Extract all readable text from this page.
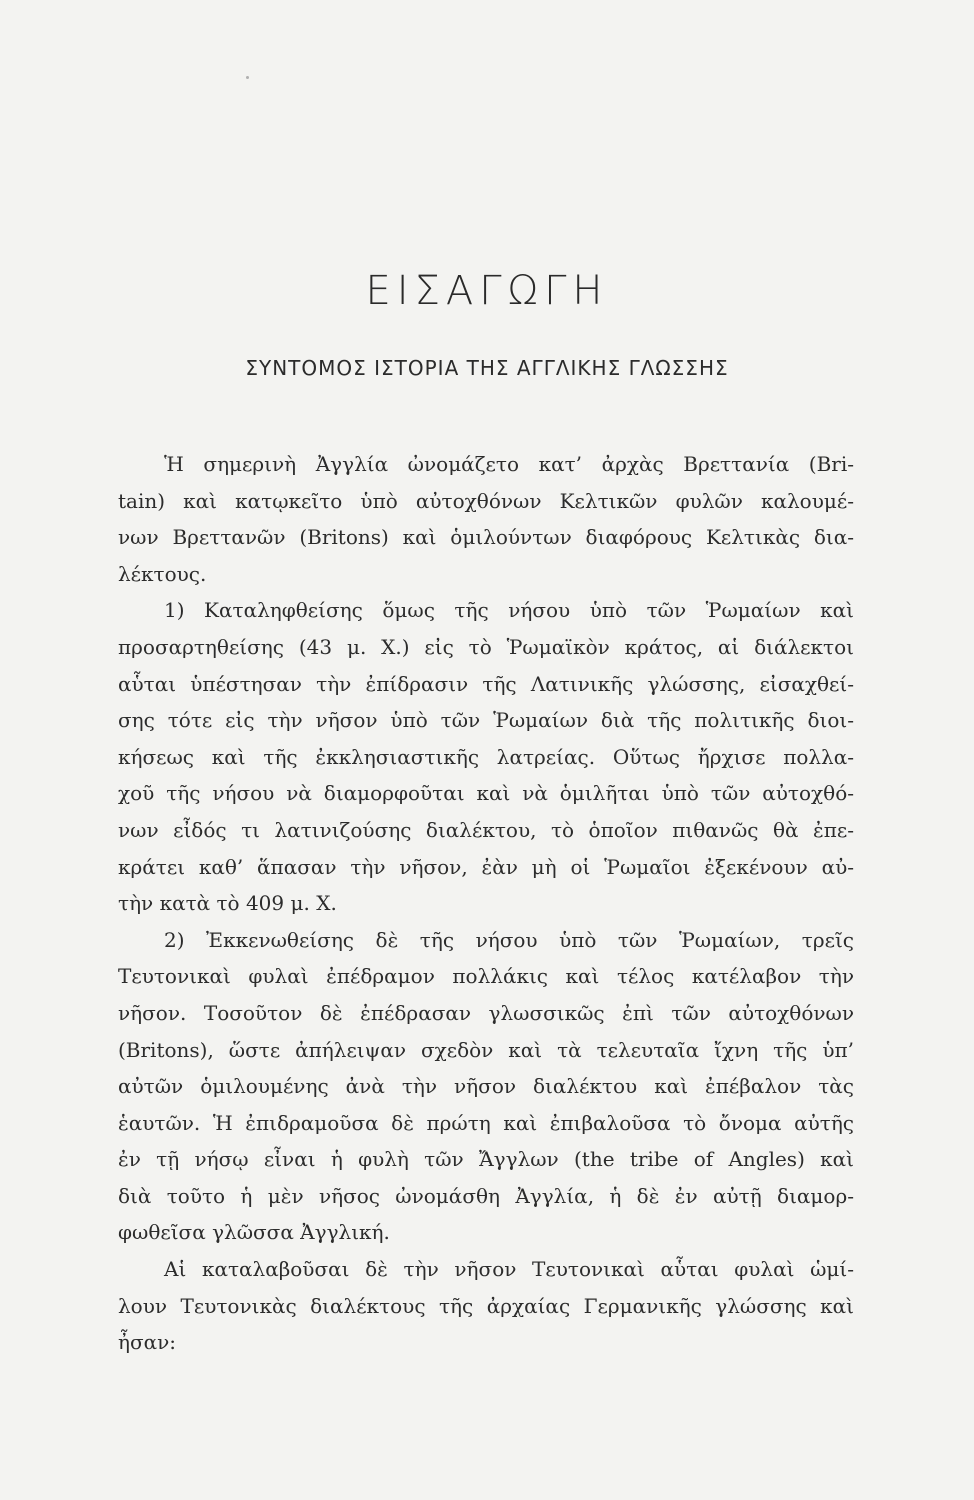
ΕΙΣΑΓΩΓΗ
ΣΥΝΤΟΜΟΣ ΙΣΤΟΡΙΑ ΤΗΣ ΑΓΓΛΙΚΗΣ ΓΛΩΣΣΗΣ
Ἡ σημερινὴ Ἀγγλία ὠνομάζετο κατ’ ἀρχὰς Βρεττανία (Bri-
tain) καὶ κατῳκεῖτο ὑπὸ αὐτοχθόνων Κελτικῶν φυλῶν καλουμέ-
νων Βρεττανῶν (Britons) καὶ ὁμιλούντων διαφόρους Κελτικὰς δια-
λέκτους.
1) Καταληφθείσης ὅμως τῆς νήσου ὑπὸ τῶν Ῥωμαίων καὶ
προσαρτηθείσης (43 μ. Χ.) εἰς τὸ Ῥωμαϊκὸν κράτος, αἱ διάλεκτοι
αὗται ὑπέστησαν τὴν ἐπίδρασιν τῆς Λατινικῆς γλώσσης, εἰσαχθεί-
σης τότε εἰς τὴν νῆσον ὑπὸ τῶν Ῥωμαίων διὰ τῆς πολιτικῆς διοι-
κήσεως καὶ τῆς ἐκκλησιαστικῆς λατρείας. Οὕτως ἤρχισε πολλα-
χοῦ τῆς νήσου νὰ διαμορφοῦται καὶ νὰ ὁμιλῆται ὑπὸ τῶν αὐτοχθό-
νων εἶδός τι λατινιζούσης διαλέκτου, τὸ ὁποῖον πιθανῶς θὰ ἐπε-
κράτει καθ’ ἅπασαν τὴν νῆσον, ἐὰν μὴ οἱ Ῥωμαῖοι ἐξεκένουν αὐ-
τὴν κατὰ τὸ 409 μ. Χ.
2) Ἐκκενωθείσης δὲ τῆς νήσου ὑπὸ τῶν Ῥωμαίων, τρεῖς
Τευτονικαὶ φυλαὶ ἐπέδραμον πολλάκις καὶ τέλος κατέλαβον τὴν
νῆσον. Τοσοῦτον δὲ ἐπέδρασαν γλωσσικῶς ἐπὶ τῶν αὐτοχθόνων
(Britons), ὥστε ἀπήλειψαν σχεδὸν καὶ τὰ τελευταῖα ἴχνη τῆς ὑπ’
αὐτῶν ὁμιλουμένης ἀνὰ τὴν νῆσον διαλέκτου καὶ ἐπέβαλον τὰς
ἑαυτῶν. Ἡ ἐπιδραμοῦσα δὲ πρώτη καὶ ἐπιβαλοῦσα τὸ ὄνομα αὐτῆς
ἐν τῇ νήσῳ εἶναι ἡ φυλὴ τῶν Ἄγγλων (the tribe of Angles) καὶ
διὰ τοῦτο ἡ μὲν νῆσος ὠνομάσθη Ἀγγλία, ἡ δὲ ἐν αὐτῇ διαμορ-
φωθεῖσα γλῶσσα Ἀγγλική.
Αἱ καταλαβοῦσαι δὲ τὴν νῆσον Τευτονικαὶ αὗται φυλαὶ ὡμί-
λουν Τευτονικὰς διαλέκτους τῆς ἀρχαίας Γερμανικῆς γλώσσης καὶ
ἦσαν:
